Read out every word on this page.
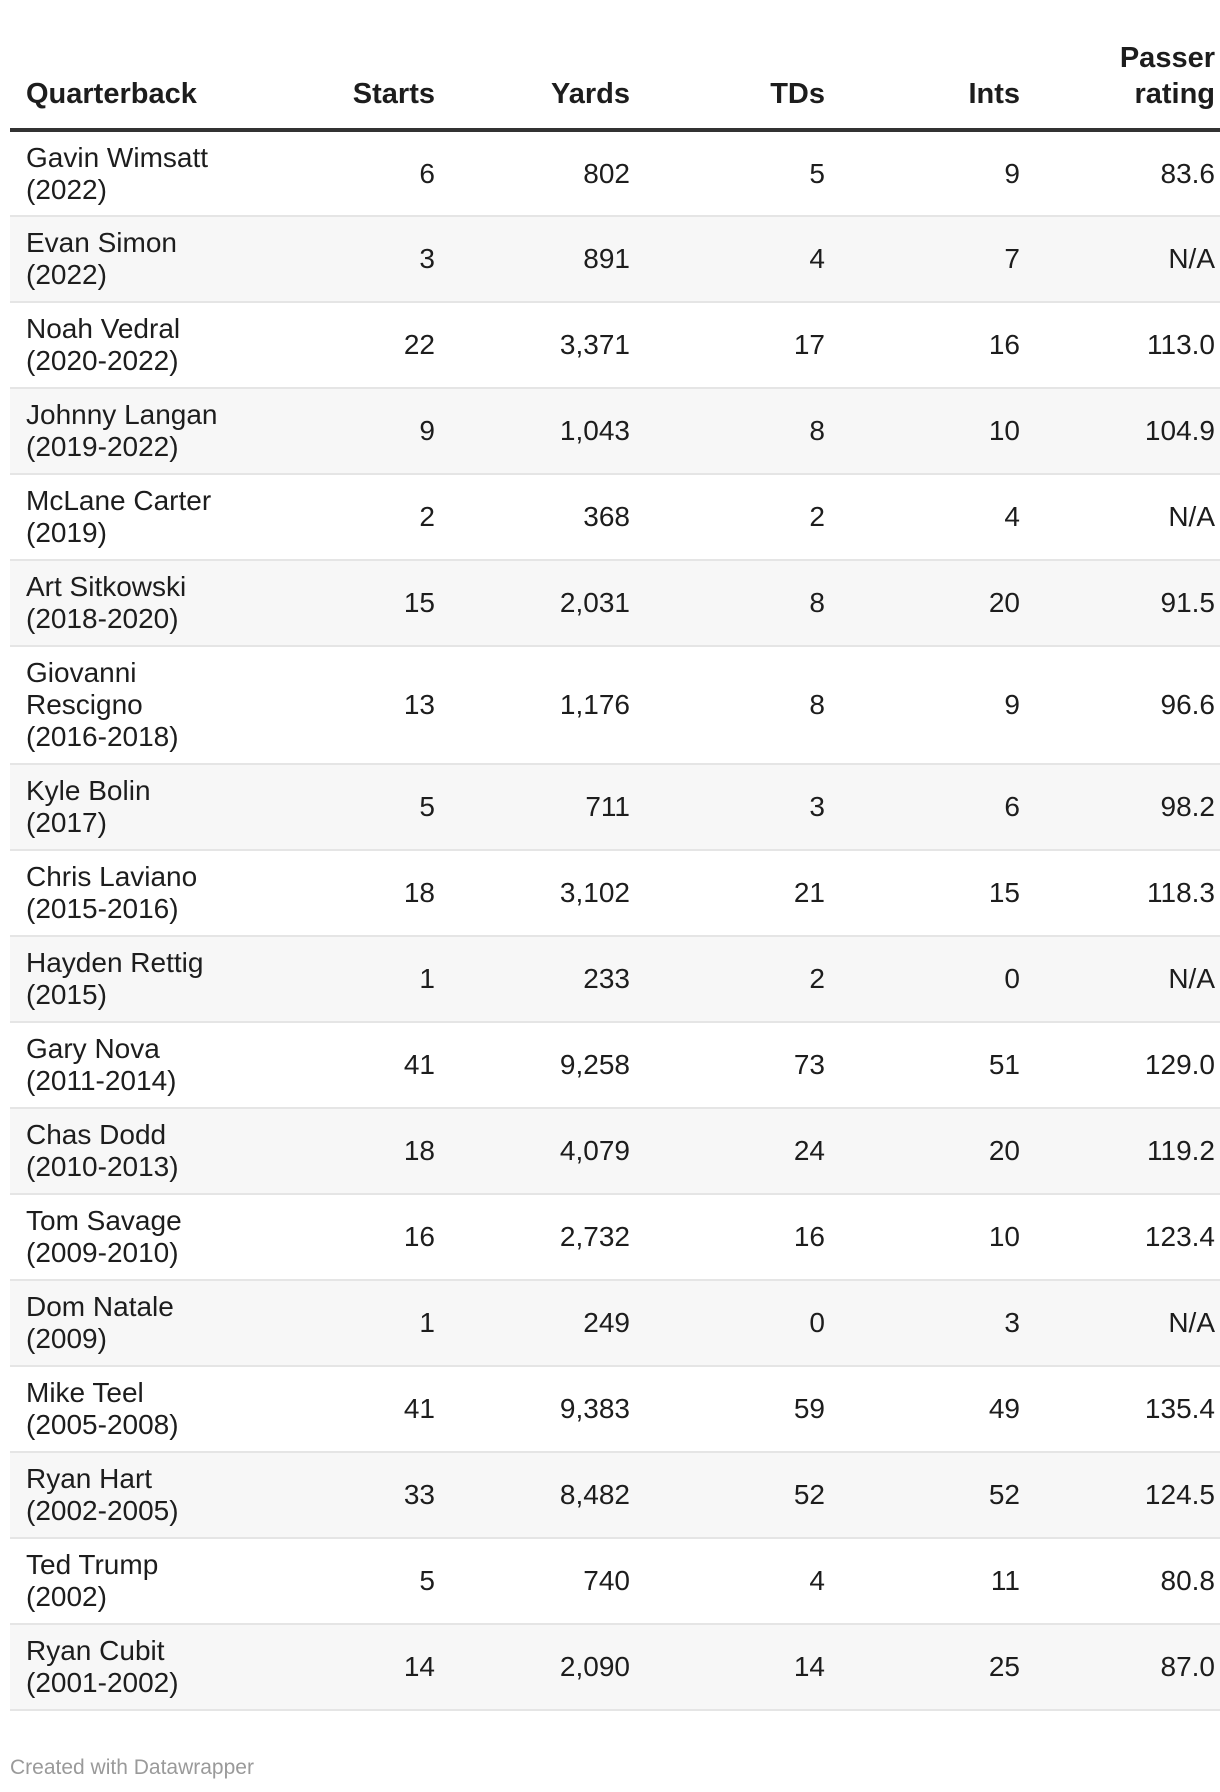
Quarterback	Starts	Yards	TDs	Ints	Passer rating

Gavin Wimsatt
(2022)	6	802	5	9	83.6

Evan Simon
(2022)	3	891	4	7	N/A

Noah Vedral
(2020-2022)	22	3,371	17	16	113.0

Johnny Langan
(2019-2022)	9	1,043	8	10	104.9

McLane Carter
(2019)	2	368	2	4	N/A

Art Sitkowski
(2018-2020)	15	2,031	8	20	91.5

Giovanni Rescigno
(2016-2018)	13	1,176	8	9	96.6

Kyle Bolin
(2017)	5	711	3	6	98.2

Chris Laviano
(2015-2016)	18	3,102	21	15	118.3

Hayden Rettig
(2015)	1	233	2	0	N/A

Gary Nova
(2011-2014)	41	9,258	73	51	129.0

Chas Dodd
(2010-2013)	18	4,079	24	20	119.2

Tom Savage
(2009-2010)	16	2,732	16	10	123.4

Dom Natale
(2009)	1	249	0	3	N/A

Mike Teel
(2005-2008)	41	9,383	59	49	135.4

Ryan Hart
(2002-2005)	33	8,482	52	52	124.5

Ted Trump
(2002)	5	740	4	11	80.8

Ryan Cubit
(2001-2002)	14	2,090	14	25	87.0
Created with Datawrapper
